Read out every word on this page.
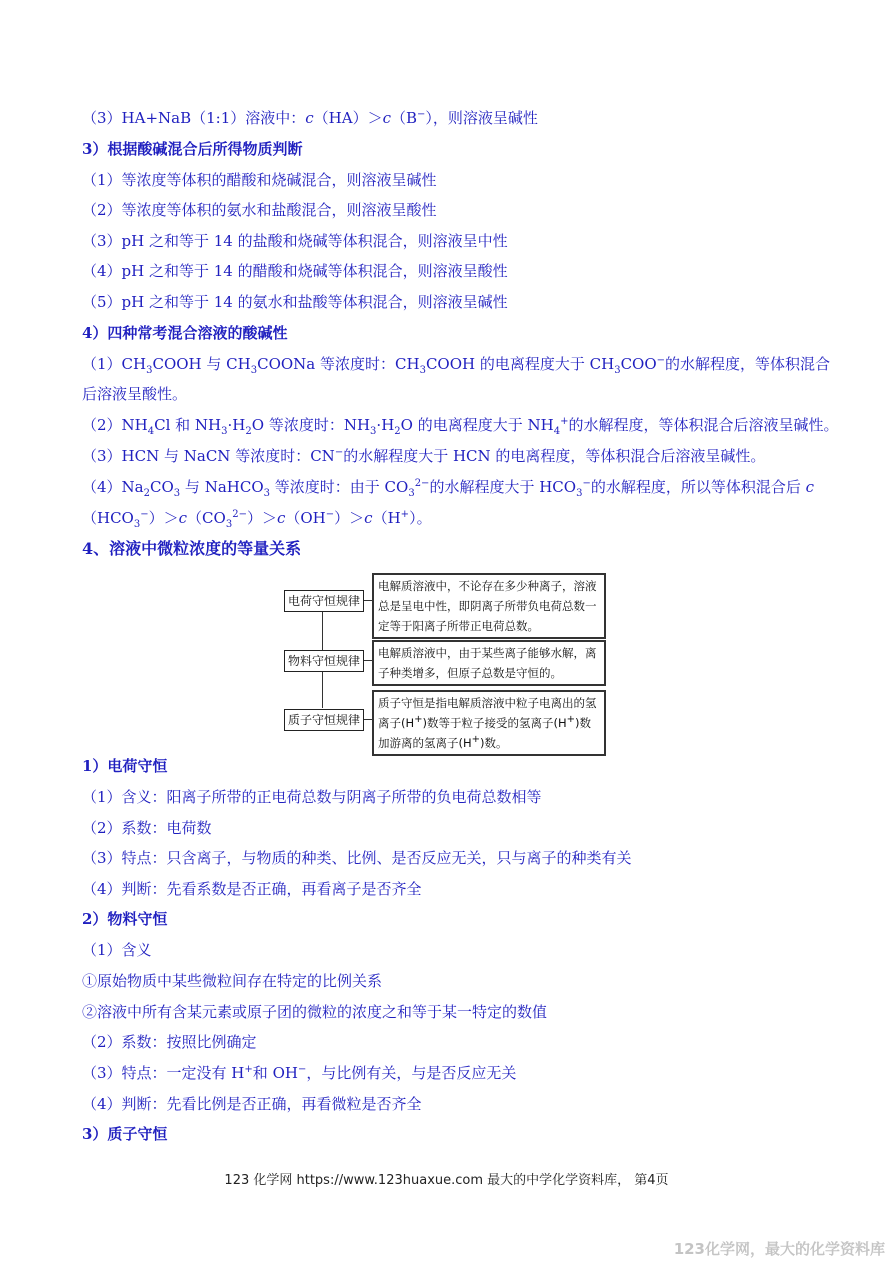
（3）HA+NaB（1:1）溶液中：c（HA）＞c（B−），则溶液呈碱性
3）根据酸碱混合后所得物质判断
（1）等浓度等体积的醋酸和烧碱混合，则溶液呈碱性
（2）等浓度等体积的氨水和盐酸混合，则溶液呈酸性
（3）pH 之和等于 14 的盐酸和烧碱等体积混合，则溶液呈中性
（4）pH 之和等于 14 的醋酸和烧碱等体积混合，则溶液呈酸性
（5）pH 之和等于 14 的氨水和盐酸等体积混合，则溶液呈碱性
4）四种常考混合溶液的酸碱性
$(1)CH_3COOH$ 与 $CH_3COONa$ 等浓度时：$CH_3COOH$ 的电离程度大于 $CH_3COO^-$的水解程度，等体积混合
后溶液呈酸性。
$(2)NH_4Cl$ 和 $NH_3\cdot H_2O$ 等浓度时：$NH_3\cdot H_2O$ 的电离程度大于 $NH_4^+$的水解程度，等体积混合后溶液呈碱性。
（3）HCN 与 NaCN 等浓度时：CN−的水解程度大于 HCN 的电离程度，等体积混合后溶液呈碱性。
$(4)Na_2CO_3$ 与 NaHCO$_3$ 等浓度时：由于 $CO_3^{2-}$的水解程度大于 $HCO_3^-$的水解程度，所以等体积混合后 c
$(HCO_3^-)>c(CO_3^{2-})>c(OH^-)>c(H^+)$。
4、溶液中微粒浓度的等量关系
电荷守恒规律
电解质溶液中，不论存在多少种离子，溶液总是呈电中性，即阴离子所带负电荷总数一定等于阳离子所带正电荷总数。
物料守恒规律
电解质溶液中，由于某些离子能够水解，离子种类增多，但原子总数是守恒的。
质子守恒规律
质子守恒是指电解质溶液中粒子电离出的氢离子(H+)数等于粒子接受的氢离子(H+)数加游离的氢离子(H+)数。
1）电荷守恒
（1）含义：阳离子所带的正电荷总数与阴离子所带的负电荷总数相等
（2）系数：电荷数
（3）特点：只含离子，与物质的种类、比例、是否反应无关，只与离子的种类有关
（4）判断：先看系数是否正确，再看离子是否齐全
2）物料守恒
（1）含义
①原始物质中某些微粒间存在特定的比例关系
②溶液中所有含某元素或原子团的微粒的浓度之和等于某一特定的数值
（2）系数：按照比例确定
（3）特点：一定没有 H+和 OH−，与比例有关，与是否反应无关
（4）判断：先看比例是否正确，再看微粒是否齐全
3）质子守恒
123 化学网 https://www.123huaxue.com 最大的中学化学资料库， 第4页
123化学网，最大的化学资料库
